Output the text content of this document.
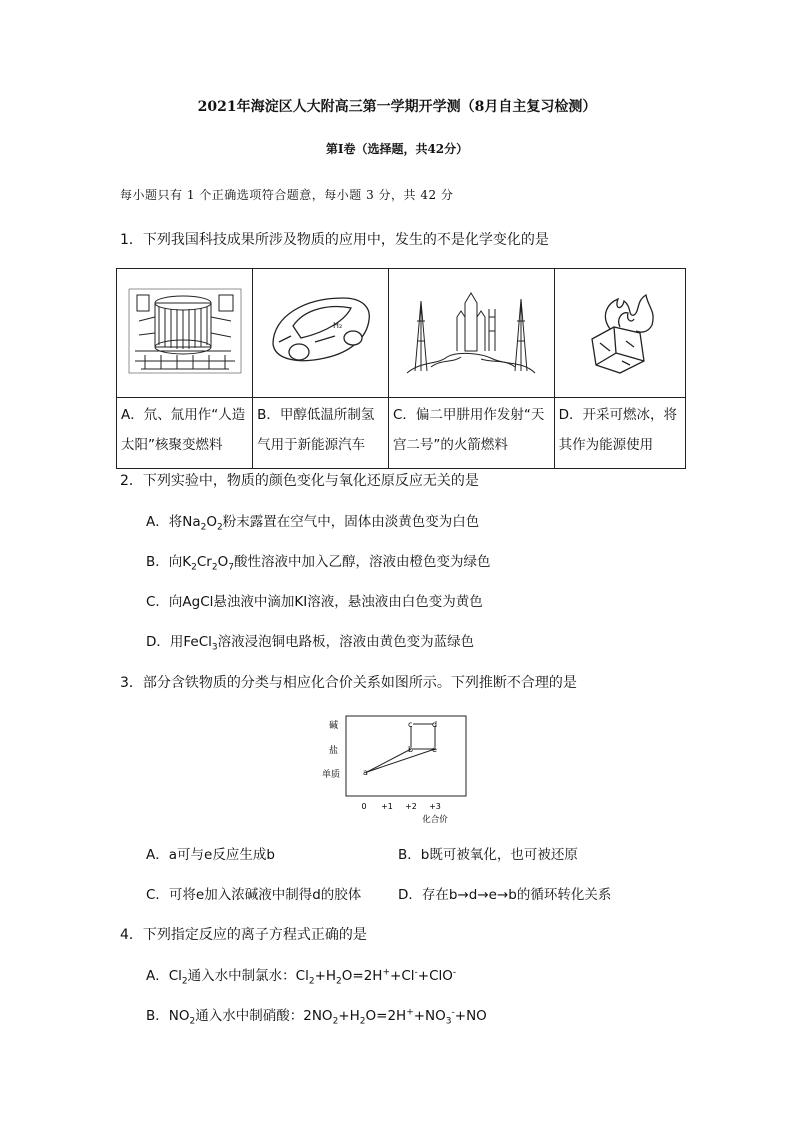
2021年海淀区人大附高三第一学期开学测（8月自主复习检测）
第Ⅰ卷（选择题，共42分）
每小题只有 1 个正确选项符合题意，每小题 3 分，共 42 分
1．下列我国科技成果所涉及物质的应用中，发生的不是化学变化的是

H₂

A．氘、氚用作“人造太阳”核聚变燃料	B．甲醇低温所制氢气用于新能源汽车	C．偏二甲肼用作发射“天宫二号”的火箭燃料	D．开采可燃冰，将其作为能源使用
2．下列实验中，物质的颜色变化与氧化还原反应无关的是
A．将$Na_2O_2$粉末露置在空气中，固体由淡黄色变为白色
B．向$K_2Cr_2O_7$酸性溶液中加入乙醇，溶液由橙色变为绿色
C．向AgCl悬浊液中滴加KI溶液，悬浊液由白色变为黄色
D．用FeCl$_3$溶液浸泡铜电路板，溶液由黄色变为蓝绿色
3．部分含铁物质的分类与相应化合价关系如图所示。下列推断不合理的是
碱
盐
单质
0 +1 +2 +3
化合价
a
b
c d
e
A．a可与e反应生成b	B．b既可被氧化，也可被还原
C．可将e加入浓碱液中制得d的胶体	D．存在b→d→e→b的循环转化关系
4．下列指定反应的离子方程式正确的是
A．$Cl_2$通入水中制氯水：$Cl_2+H_2O=2H^++Cl^-+ClO^-$
B．$NO_2$通入水中制硝酸：$2NO_2+H_2O=2H^++NO_3^-+NO$
